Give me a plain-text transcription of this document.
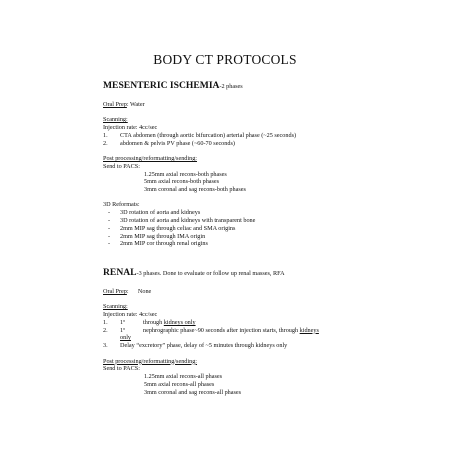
BODY CT PROTOCOLS
MESENTERIC ISCHEMIA-2 phases
Oral Prep: Water
Scanning:
Injection rate: 4cc/sec
1. CTA abdomen (through aortic bifurcation) arterial phase (~25 seconds)
2. abdomen & pelvis PV phase (~60-70 seconds)
Post processing/reformatting/sending:
Send to PACS:
1.25mm axial recons-both phases
5mm axial recons-both phases
3mm coronal and sag recons-both phases
3D Reformats:
- 3D rotation of aorta and kidneys
- 3D rotation of aorta and kidneys with transparent bone
- 2mm MIP sag through celiac and SMA origins
- 2mm MIP sag through IMA origin
- 2mm MIP cor through renal origins
RENAL-3 phases. Done to evaluate or follow up renal masses, RFA
Oral Prep:      None
Scanning:
Injection rate: 4cc/sec
1. 1º	through kidneys only
2. 1º	nephrographic phase~90 seconds after injection starts, through kidneys
only
3. Delay “excretory” phase, delay of ~5 minutes through kidneys only
Post processing/reformatting/sending:
Send to PACS:
1.25mm axial recons-all phases
5mm axial recons-all phases
3mm coronal and sag recons-all phases
